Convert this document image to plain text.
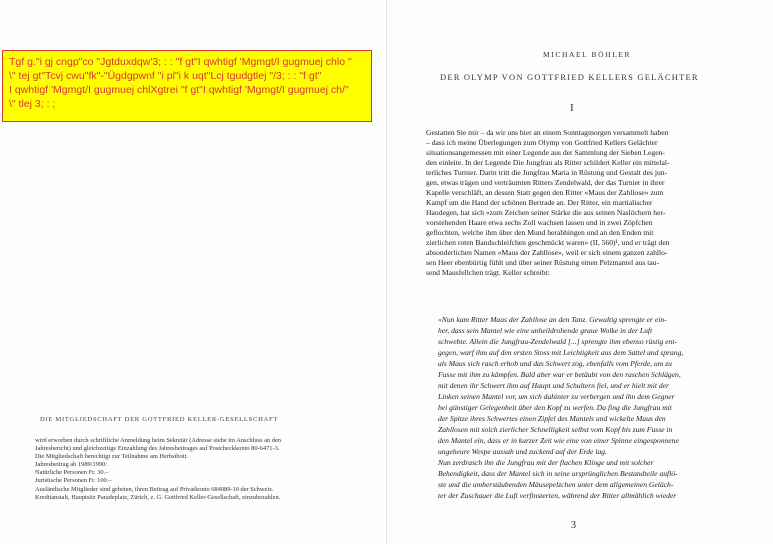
Tgf g."i gj cngp"co "Jgtduxdqw'3; : : "f gt"I qwhtigf 'Mgmgt/I gugmuej chlo "
\" tej gt"Tcvj cwu"fk"-"Ügdgpwnf "i pl"i k uqt"Lcj tgudgtlej "/3; : : "f gt"
I qwhtigf 'Mgmgt/I gugmuej chlXgtrei "f gt"I qwhtigf 'Mgmgt/I gugmuej ch/"
\" tlej 3; : ;
DIE MITGLIEDSCHAFT DER GOTTFRIED KELLER-GESELLSCHAFT
wird erworben durch schriftliche Anmeldung beim Sekretär (Adresse siehe im Anschluss an den
Jahresbericht) und gleichzeitige Einzahlung des Jahresbeitrages auf Postcheckkonto 80-6471-3.
Die Mitgliedschaft berechtigt zur Teilnahme am Herbstbott.
Jahresbeitrag ab 1989/1990:
Natürliche Personen Fr. 30.–
Juristische Personen Fr. 100.–
Ausländische Mitglieder sind gebeten, ihren Beitrag auf Privatkonto 684089-10 der Schweiz.
Kreditanstalt, Hauptsitz Paradeplatz, Zürich, z. G. Gottfried Keller-Gesellschaft, einzubezahlen.
MICHAEL BÖHLER
DER OLYMP VON GOTTFRIED KELLERS GELÄCHTER
I
Gestatten Sie mir – da wir uns hier an einem Sonntagmorgen versammelt haben
– dass ich meine Überlegungen zum Olymp von Gottfried Kellers Gelächter
situationsangemessen mit einer Legende aus der Sammlung der Sieben Legen-
den einleite. In der Legende Die Jungfrau als Ritter schildert Keller ein mittelal-
terliches Turnier. Darin tritt die Jungfrau Maria in Rüstung und Gestalt des jun-
gen, etwas trägen und verträumten Ritters Zendelwald, der das Turnier in ihrer
Kapelle verschläft, an dessen Statt gegen den Ritter «Maus der Zahllose» zum
Kampf um die Hand der schönen Bertrade an. Der Ritter, ein martialischer
Haudegen, hat sich «zum Zeichen seiner Stärke die aus seinen Naslöchern her-
vorstehenden Haare etwa sechs Zoll wachsen lassen und in zwei Zöpfchen
geflochten, welche ihm über den Mund herabhingen und an den Enden mit
zierlichen roten Bandschleifchen geschmückt waren» (II, 560)¹, und er trägt den
absonderlichen Namen «Maus der Zahllose», weil er sich einem ganzen zahllo-
sen Heer ebenbürtig fühlt und über seiner Rüstung einen Pelzmantel aus tau-
send Mausfellchen trägt. Keller schreibt:
«Nun kam Ritter Maus der Zahllose an den Tanz. Gewaltig sprengte er ein-
her, dass sein Mantel wie eine unheildrohende graue Wolke in der Luft
schwebte. Allein die Jungfrau-Zendelwald [...] sprengte ihm ebenso rüstig ent-
gegen, warf ihm auf den ersten Stoss mit Leichtigkeit aus dem Sattel und sprang,
als Maus sich rasch erhob und das Schwert zog, ebenfalls vom Pferde, um zu
Fusse mit ihm zu kämpfen. Bald aber war er betäubt von den raschen Schlägen,
mit denen ihr Schwert ihm auf Haupt und Schultern fiel, und er hielt mit der
Linken seinen Mantel vor, um sich dahinter zu verbergen und ihn dem Gegner
bei günstiger Gelegenheit über den Kopf zu werfen. Da fing die Jungfrau mit
der Spitze ihres Schwertes einen Zipfel des Mantels und wickelte Maus den
Zahllosen mit solch zierlicher Schnelligkeit selbst vom Kopf bis zum Fusse in
den Mantel ein, dass er in kurzer Zeit wie eine von einer Spinne eingesponnene
ungeheure Wespe aussah und zuckend auf der Erde lag.
Nun zerdrasch ihn die Jungfrau mit der flachen Klinge und mit solcher
Behendigkeit, dass der Mantel sich in seine ursprünglichen Bestandteile auflö-
ste und die umherstäubenden Mäusepelzchen unter dem allgemeinen Geläch-
ter der Zuschauer die Luft verfinsterten, während der Ritter allmählich wieder
3
